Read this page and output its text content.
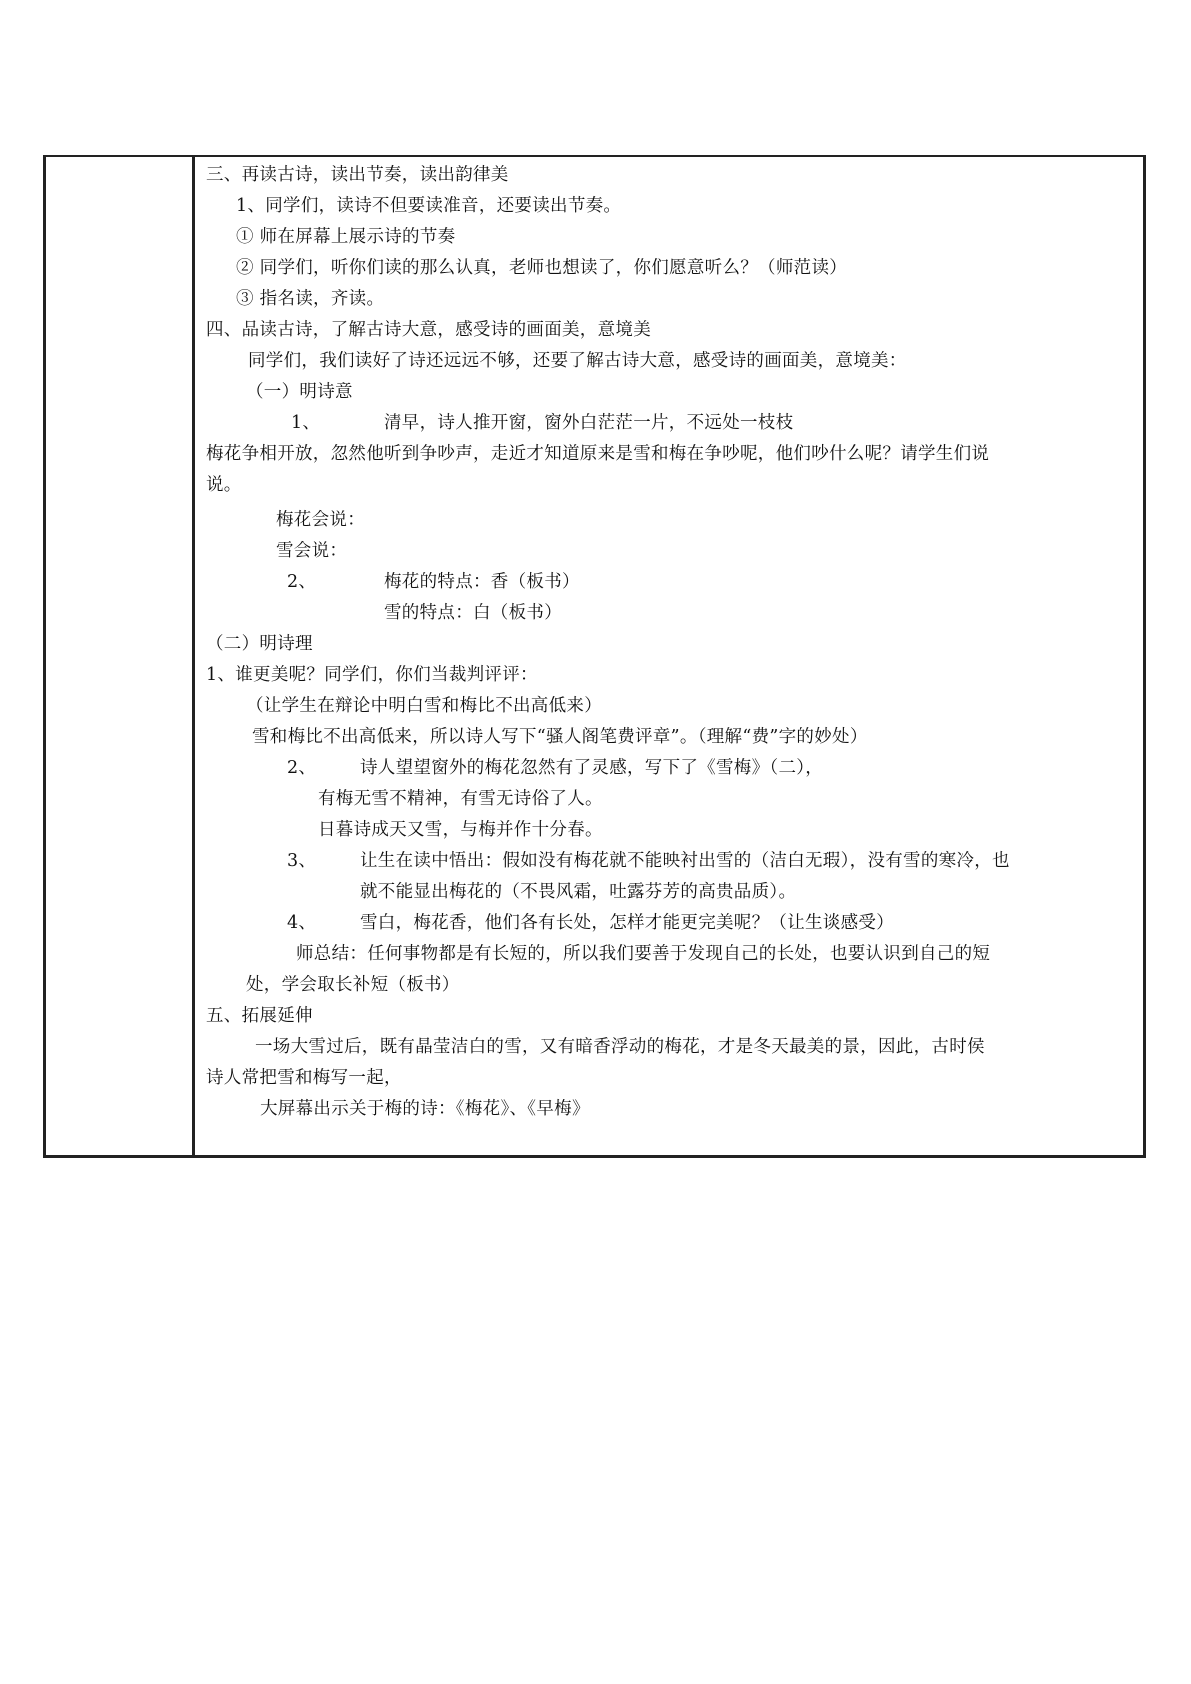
三、再读古诗，读出节奏，读出韵律美
1、同学们，读诗不但要读准音，还要读出节奏。
① 师在屏幕上展示诗的节奏
② 同学们，听你们读的那么认真，老师也想读了，你们愿意听么？（师范读）
③ 指名读，齐读。
四、品读古诗，了解古诗大意，感受诗的画面美，意境美
同学们，我们读好了诗还远远不够，还要了解古诗大意，感受诗的画面美，意境美：
（一）明诗意
1、	清早，诗人推开窗，窗外白茫茫一片，不远处一枝枝
梅花争相开放，忽然他听到争吵声，走近才知道原来是雪和梅在争吵呢，他们吵什么呢？请学生们说
说。
梅花会说：
雪会说：
2、	梅花的特点：香（板书）
雪的特点：白（板书）
（二）明诗理
1、谁更美呢？同学们，你们当裁判评评：
（让学生在辩论中明白雪和梅比不出高低来）
雪和梅比不出高低来，所以诗人写下“骚人阁笔费评章”。（理解“费”字的妙处）
2、	诗人望望窗外的梅花忽然有了灵感，写下了《雪梅》（二），
有梅无雪不精神，有雪无诗俗了人。
日暮诗成天又雪，与梅并作十分春。
3、	让生在读中悟出：假如没有梅花就不能映衬出雪的（洁白无瑕），没有雪的寒冷，也
就不能显出梅花的（不畏风霜，吐露芬芳的高贵品质）。
4、	雪白，梅花香，他们各有长处，怎样才能更完美呢？（让生谈感受）
师总结：任何事物都是有长短的，所以我们要善于发现自己的长处，也要认识到自己的短
处，学会取长补短（板书）
五、拓展延伸
一场大雪过后，既有晶莹洁白的雪，又有暗香浮动的梅花，才是冬天最美的景，因此，古时侯
诗人常把雪和梅写一起，
大屏幕出示关于梅的诗：《梅花》、《早梅》
